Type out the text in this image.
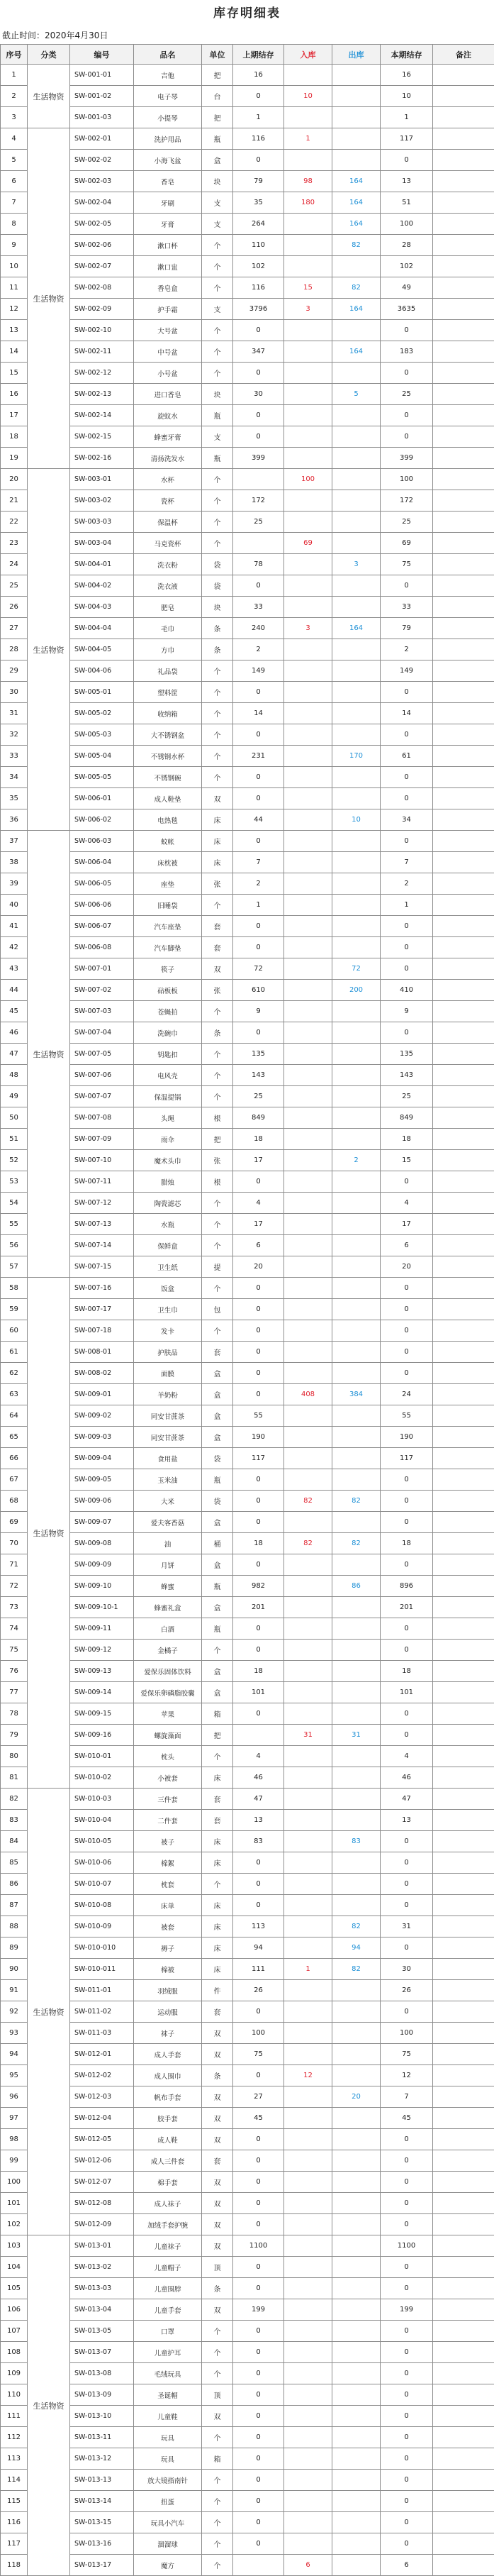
库存明细表
截止时间：2020年4月30日
序号	分类	编号	品名	单位	上期结存	入库	出库	本期结存	备注
1	生活物资	SW-001-01	吉他	把	16			16	
2		SW-001-02	电子琴	台	0	10		10	
3		SW-001-03	小提琴	把	1			1	
4	生活物资	SW-002-01	洗护用品	瓶	116	1		117	
5		SW-002-02	小海飞盆	盒	0			0	
6		SW-002-03	香皂	块	79	98	164	13	
7		SW-002-04	牙刷	支	35	180	164	51	
8		SW-002-05	牙膏	支	264		164	100	
9		SW-002-06	漱口杯	个	110		82	28	
10		SW-002-07	漱口盅	个	102			102	
11		SW-002-08	香皂盒	个	116	15	82	49	
12		SW-002-09	护手霜	支	3796	3	164	3635	
13		SW-002-10	大号盆	个	0			0	
14		SW-002-11	中号盆	个	347		164	183	
15		SW-002-12	小号盆	个	0			0	
16		SW-002-13	进口香皂	块	30		5	25	
17		SW-002-14	旋蚊水	瓶	0			0	
18		SW-002-15	蜂蜜牙膏	支	0			0	
19		SW-002-16	清扬洗发水	瓶	399			399	
20	生活物资	SW-003-01	水杯	个		100		100	
21		SW-003-02	瓷杯	个	172			172	
22		SW-003-03	保温杯	个	25			25	
23		SW-003-04	马克瓷杯	个		69		69	
24		SW-004-01	洗衣粉	袋	78		3	75	
25		SW-004-02	洗衣液	袋	0			0	
26		SW-004-03	肥皂	块	33			33	
27		SW-004-04	毛巾	条	240	3	164	79	
28		SW-004-05	方巾	条	2			2	
29		SW-004-06	礼品袋	个	149			149	
30		SW-005-01	塑料筐	个	0			0	
31		SW-005-02	收纳箱	个	14			14	
32		SW-005-03	大不锈钢盆	个	0			0	
33		SW-005-04	不锈钢水杯	个	231		170	61	
34		SW-005-05	不锈钢碗	个	0			0	
35		SW-006-01	成人鞋垫	双	0			0	
36		SW-006-02	电热毯	床	44		10	34	
37	生活物资	SW-006-03	蚊帐	床	0			0	
38		SW-006-04	床枕被	床	7			7	
39		SW-006-05	座垫	张	2			2	
40		SW-006-06	旧睡袋	个	1			1	
41		SW-006-07	汽车座垫	套	0			0	
42		SW-006-08	汽车脚垫	套	0			0	
43		SW-007-01	筷子	双	72		72	0	
44		SW-007-02	砧板板	张	610		200	410	
45		SW-007-03	苍蝇拍	个	9			9	
46		SW-007-04	洗碗巾	条	0			0	
47		SW-007-05	钥匙扣	个	135			135	
48		SW-007-06	电风壳	个	143			143	
49		SW-007-07	保温提锅	个	25			25	
50		SW-007-08	头绳	根	849			849	
51		SW-007-09	雨伞	把	18			18	
52		SW-007-10	魔术头巾	张	17		2	15	
53		SW-007-11	腊烛	根	0			0	
54		SW-007-12	陶瓷滤芯	个	4			4	
55		SW-007-13	水瓶	个	17			17	
56		SW-007-14	保鲜盒	个	6			6	
57		SW-007-15	卫生纸	提	20			20	
58	生活物资	SW-007-16	饭盒	个	0			0	
59		SW-007-17	卫生巾	包	0			0	
60		SW-007-18	发卡	个	0			0	
61		SW-008-01	护肤品	套	0			0	
62		SW-008-02	面膜	盒	0			0	
63		SW-009-01	羊奶粉	盒	0	408	384	24	
64		SW-009-02	同安甘蔗茶	盒	55			55	
65		SW-009-03	同安甘蔗茶	盒	190			190	
66		SW-009-04	食用盐	袋	117			117	
67		SW-009-05	玉米油	瓶	0			0	
68		SW-009-06	大米	袋	0	82	82	0	
69		SW-009-07	爱夫客香菇	盒	0			0	
70		SW-009-08	油	桶	18	82	82	18	
71		SW-009-09	月饼	盒	0			0	
72		SW-009-10	蜂蜜	瓶	982		86	896	
73		SW-009-10-1	蜂蜜礼盒	盒	201			201	
74		SW-009-11	白酒	瓶	0			0	
75		SW-009-12	金橘子	个	0			0	
76		SW-009-13	爱保乐固体饮料	盒	18			18	
77		SW-009-14	爱保乐卵磷脂胶囊	盒	101			101	
78		SW-009-15	苹果	箱	0			0	
79		SW-009-16	螺旋藻面	把		31	31	0	
80		SW-010-01	枕头	个	4			4	
81		SW-010-02	小被套	床	46			46	
82	生活物资	SW-010-03	三件套	套	47			47	
83		SW-010-04	二件套	套	13			13	
84		SW-010-05	被子	床	83		83	0	
85		SW-010-06	棉絮	床	0			0	
86		SW-010-07	枕套	个	0			0	
87		SW-010-08	床单	床	0			0	
88		SW-010-09	被套	床	113		82	31	
89		SW-010-010	褥子	床	94		94	0	
90		SW-010-011	棉被	床	111	1	82	30	
91		SW-011-01	羽绒服	件	26			26	
92		SW-011-02	运动服	套	0			0	
93		SW-011-03	袜子	双	100			100	
94		SW-012-01	成人手套	双	75			75	
95		SW-012-02	成人围巾	条	0	12		12	
96		SW-012-03	帆布手套	双	27		20	7	
97		SW-012-04	胶手套	双	45			45	
98		SW-012-05	成人鞋	双	0			0	
99		SW-012-06	成人三件套	套	0			0	
100		SW-012-07	棉手套	双	0			0	
101		SW-012-08	成人袜子	双	0			0	
102		SW-012-09	加绒手套护腕	双	0			0	
103	生活物资	SW-013-01	儿童袜子	双	1100			1100	
104		SW-013-02	儿童帽子	顶	0			0	
105		SW-013-03	儿童围脖	条	0			0	
106		SW-013-04	儿童手套	双	199			199	
107		SW-013-05	口罩	个	0			0	
108		SW-013-07	儿童护耳	个	0			0	
109		SW-013-08	毛绒玩具	个	0			0	
110		SW-013-09	圣诞帽	顶	0			0	
111		SW-013-10	儿童鞋	双	0			0	
112		SW-013-11	玩具	个	0			0	
113		SW-013-12	玩具	箱	0			0	
114		SW-013-13	放大镜指南针	个	0			0	
115		SW-013-14	扭蛋	个	0			0	
116		SW-013-15	玩具小汽车	个	0			0	
117		SW-013-16	溜溜球	个	0			0	
118		SW-013-17	魔方	个		6		6	
